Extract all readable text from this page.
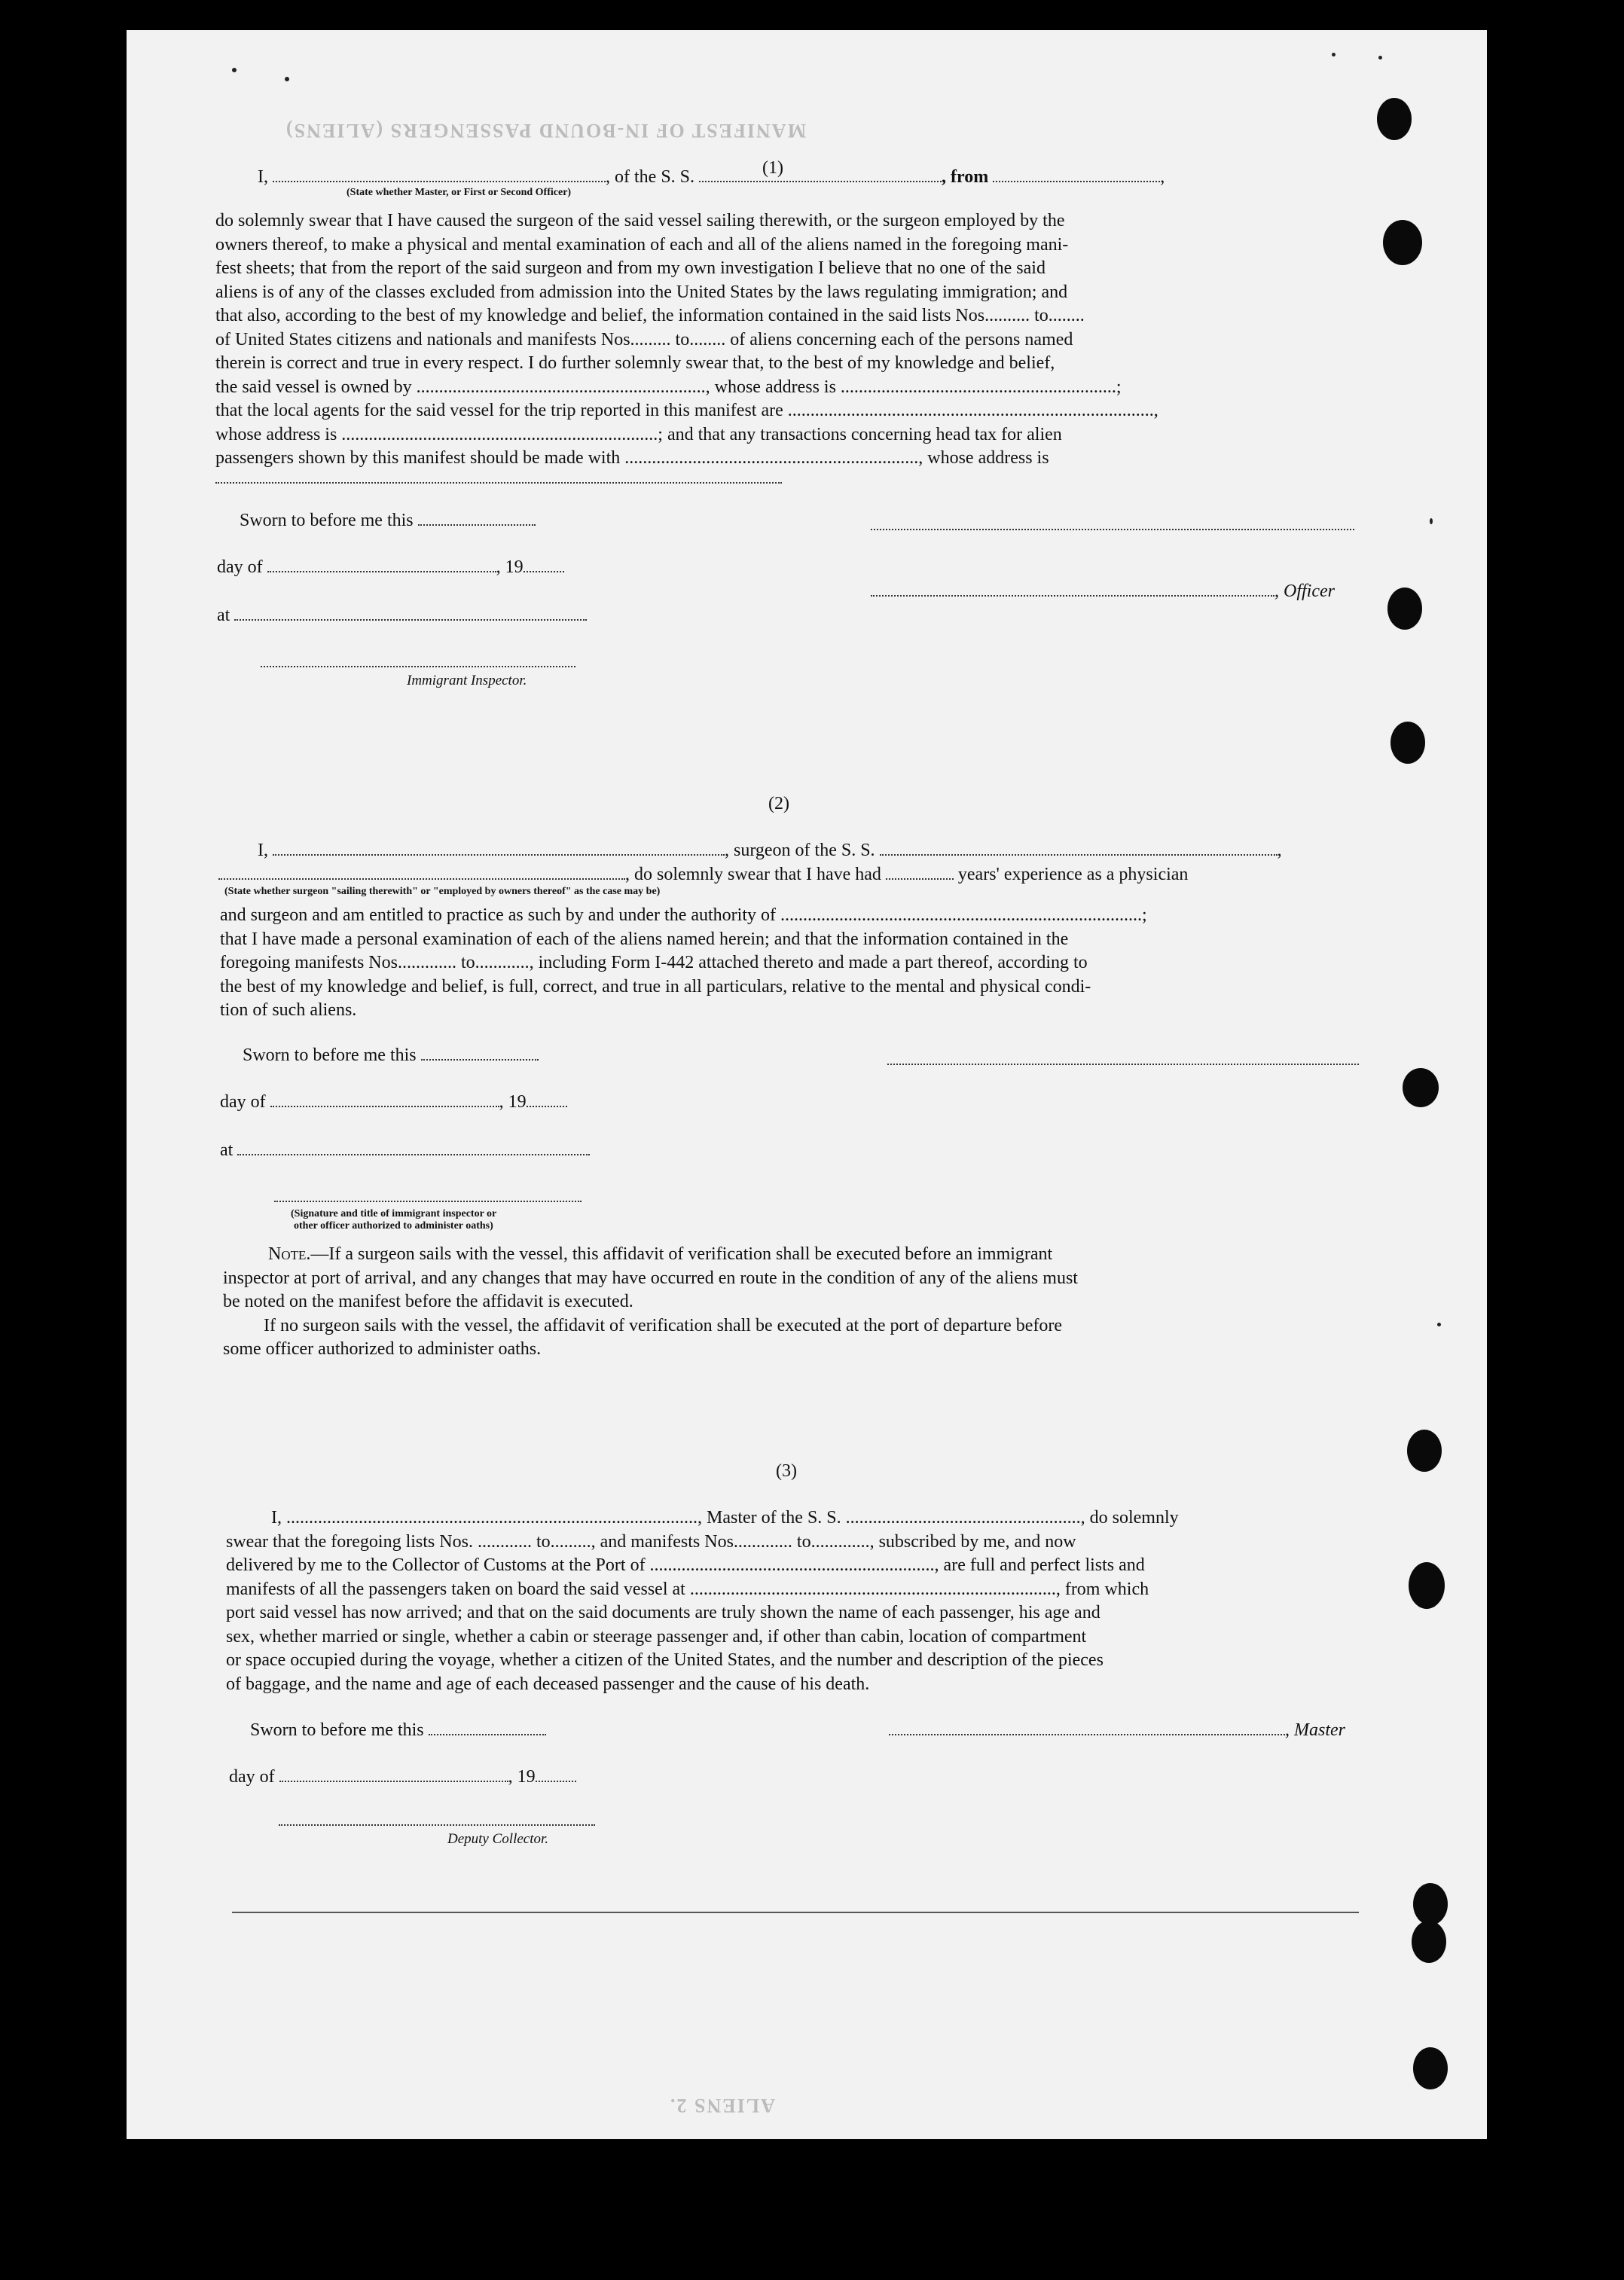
MANIFEST OF IN-BOUND PASSENGERS (ALIENS)
ALIENS 2.
(1)
I,	, of the S. S.	, from	,
(State whether Master, or First or Second Officer)

do solemnly swear that I have caused the surgeon of the said vessel sailing therewith, or the surgeon employed by the

owners thereof, to make a physical and mental examination of each and all of the aliens named in the foregoing mani-

fest sheets; that from the report of the said surgeon and from my own investigation I believe that no one of the said

aliens is of any of the classes excluded from admission into the United States by the laws regulating immigration; and

that also, according to the best of my knowledge and belief, the information contained in the said lists Nos.......... to........

of United States citizens and nationals and manifests Nos......... to........ of aliens concerning each of the persons named

therein is correct and true in every respect. I do further solemnly swear that, to the best of my knowledge and belief,

the said vessel is owned by ................................................................, whose address is .............................................................;

that the local agents for the said vessel for the trip reported in this manifest are .................................................................................,

whose address is ......................................................................; and that any transactions concerning head tax for alien

passengers shown by this manifest should be made with ................................................................., whose address is

Sworn to before me this
day of	, 19
, Officer
at
Immigrant Inspector.
(2)
I,	, surgeon of the S. S.	,
, do solemnly swear that I have had	years' experience as a physician
(State whether surgeon "sailing therewith" or "employed by owners thereof" as the case may be)

and surgeon and am entitled to practice as such by and under the authority of ................................................................................;

that I have made a personal examination of each of the aliens named herein; and that the information contained in the

foregoing manifests Nos............. to............, including Form I-442 attached thereto and made a part thereof, according to

the best of my knowledge and belief, is full, correct, and true in all particulars, relative to the mental and physical condi-

tion of such aliens.

Sworn to before me this
day of	, 19
at
(Signature and title of immigrant inspector or
other officer authorized to administer oaths)

Note.—If a surgeon sails with the vessel, this affidavit of verification shall be executed before an immigrant

inspector at port of arrival, and any changes that may have occurred en route in the condition of any of the aliens must

be noted on the manifest before the affidavit is executed.

If no surgeon sails with the vessel, the affidavit of verification shall be executed at the port of departure before

some officer authorized to administer oaths.

(3)

I, ..........................................................................................., Master of the S. S. ...................................................., do solemnly

swear that the foregoing lists Nos. ............ to........., and manifests Nos............. to............., subscribed by me, and now

delivered by me to the Collector of Customs at the Port of ..............................................................., are full and perfect lists and

manifests of all the passengers taken on board the said vessel at ................................................................................., from which

port said vessel has now arrived; and that on the said documents are truly shown the name of each passenger, his age and

sex, whether married or single, whether a cabin or steerage passenger and, if other than cabin, location of compartment

or space occupied during the voyage, whether a citizen of the United States, and the number and description of the pieces

of baggage, and the name and age of each deceased passenger and the cause of his death.

Sworn to before me this	, Master
day of	, 19
Deputy Collector.
